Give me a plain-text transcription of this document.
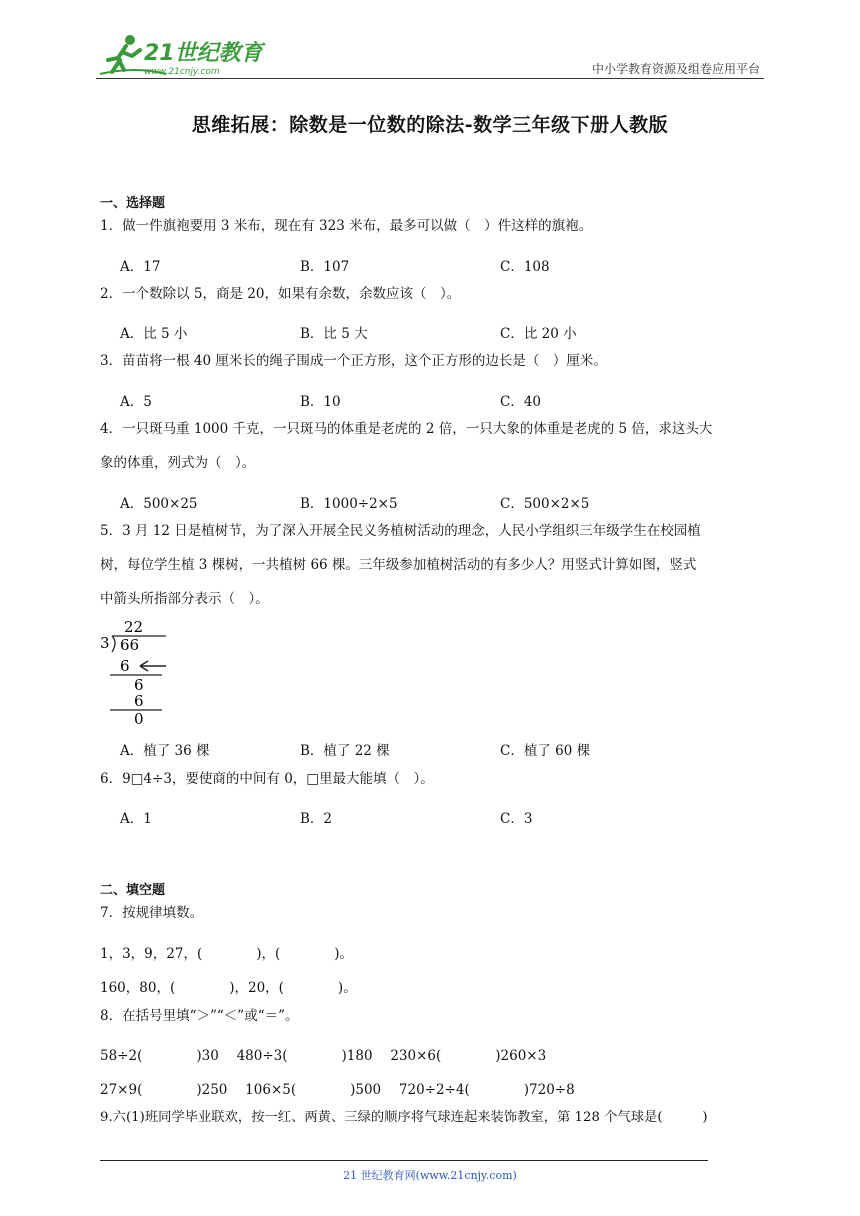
21世纪教育
www.21cnjy.com	中小学教育资源及组卷应用平台
思维拓展：除数是一位数的除法-数学三年级下册人教版
一、选择题
1．做一件旗袍要用 3 米布，现在有 323 米布，最多可以做（　）件这样的旗袍。
A．17	B．107	C．108
2．一个数除以 5，商是 20，如果有余数，余数应该（　）。
A．比 5 小	B．比 5 大	C．比 20 小
3．苗苗将一根 40 厘米长的绳子围成一个正方形，这个正方形的边长是（　）厘米。
A．5	B．10	C．40
4．一只斑马重 1000 千克，一只斑马的体重是老虎的 2 倍，一只大象的体重是老虎的 5 倍，求这头大
象的体重，列式为（　）。
A．500×25	B．1000÷2×5	C．500×2×5
5．3 月 12 日是植树节，为了深入开展全民义务植树活动的理念，人民小学组织三年级学生在校园植
树，每位学生植 3 棵树，一共植树 66 棵。三年级参加植树活动的有多少人？用竖式计算如图，竖式
中箭头所指部分表示（　）。
22
3 66
6
6
6
0
A．植了 36 棵	B．植了 22 棵	C．植了 60 棵
6．9□4÷3，要使商的中间有 0，□里最大能填（　）。
A．1	B．2	C．3
二、填空题
7．按规律填数。
1，3，9，27，(　　　　)，(　　　　)。
160，80，(　　　　)，20，(　　　　)。
8．在括号里填“＞”“＜”或“＝”。
58÷2(　　　　)30　 480÷3(　　　　)180　 230×6(　　　　)260×3
27×9(　　　　)250　 106×5(　　　　)500　 720÷2÷4(　　　　)720÷8
9.六(1)班同学毕业联欢，按一红、两黄、三绿的顺序将气球连起来装饰教室，第 128 个气球是(　　　)
21 世纪教育网(www.21cnjy.com)
